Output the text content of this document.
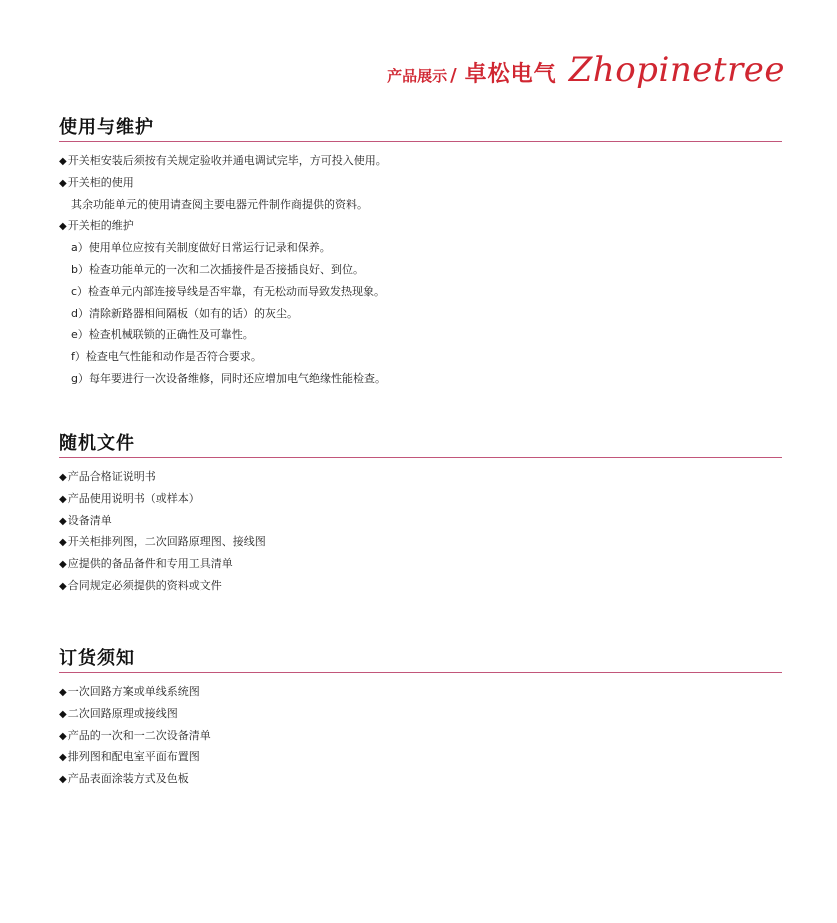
产品展示 / 卓松电气 Zhopinetree
使用与维护
◆开关柜安装后须按有关规定验收并通电调试完毕，方可投入使用。
◆开关柜的使用
其余功能单元的使用请查阅主要电器元件制作商提供的资料。
◆开关柜的维护
a）使用单位应按有关制度做好日常运行记录和保养。
b）检查功能单元的一次和二次插接件是否接插良好、到位。
c）检查单元内部连接导线是否牢靠，有无松动而导致发热现象。
d）清除新路器相间隔板（如有的话）的灰尘。
e）检查机械联锁的正确性及可靠性。
f）检查电气性能和动作是否符合要求。
g）每年要进行一次设备维修，同时还应增加电气绝缘性能检查。
随机文件
◆产品合格证说明书
◆产品使用说明书（或样本）
◆设备清单
◆开关柜排列图，二次回路原理图、接线图
◆应提供的备品备件和专用工具清单
◆合同规定必须提供的资料或文件
订货须知
◆一次回路方案或单线系统图
◆二次回路原理或接线图
◆产品的一次和一二次设备清单
◆排列图和配电室平面布置图
◆产品表面涂装方式及色板
